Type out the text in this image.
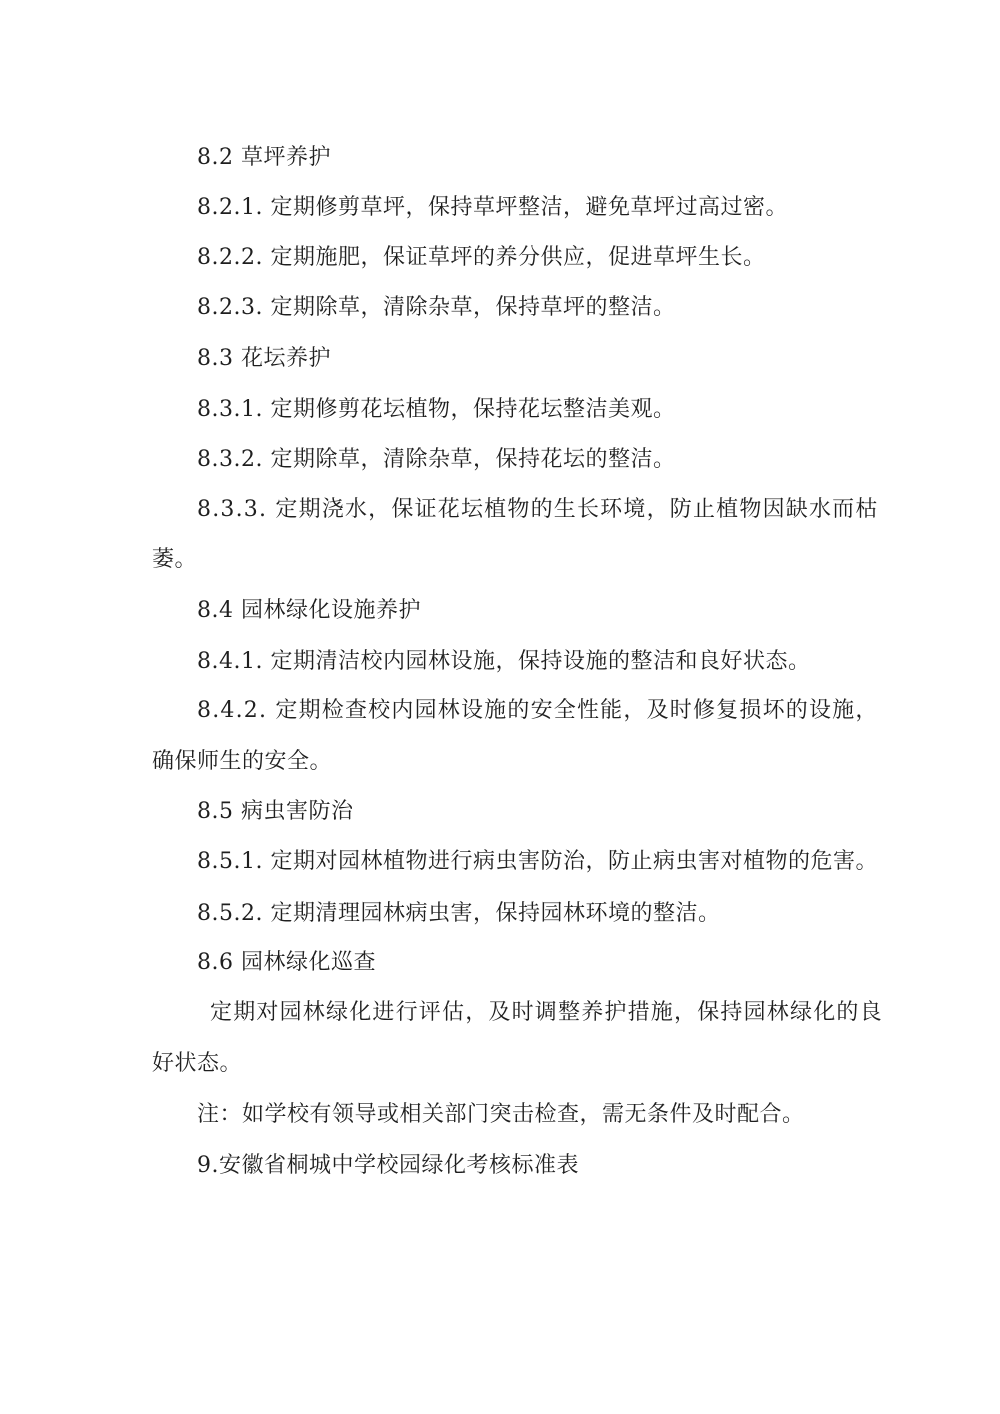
8.2 草坪养护
8.2.1. 定期修剪草坪，保持草坪整洁，避免草坪过高过密。
8.2.2. 定期施肥，保证草坪的养分供应，促进草坪生长。
8.2.3. 定期除草，清除杂草，保持草坪的整洁。
8.3 花坛养护
8.3.1. 定期修剪花坛植物，保持花坛整洁美观。
8.3.2. 定期除草，清除杂草，保持花坛的整洁。
8.3.3. 定期浇水，保证花坛植物的生长环境，防止植物因缺水而枯
萎。
8.4 园林绿化设施养护
8.4.1. 定期清洁校内园林设施，保持设施的整洁和良好状态。
8.4.2. 定期检查校内园林设施的安全性能，及时修复损坏的设施，
确保师生的安全。
8.5 病虫害防治
8.5.1. 定期对园林植物进行病虫害防治，防止病虫害对植物的危害。
8.5.2. 定期清理园林病虫害，保持园林环境的整洁。
8.6 园林绿化巡查
定期对园林绿化进行评估，及时调整养护措施，保持园林绿化的良
好状态。
注：如学校有领导或相关部门突击检查，需无条件及时配合。
9.安徽省桐城中学校园绿化考核标准表
